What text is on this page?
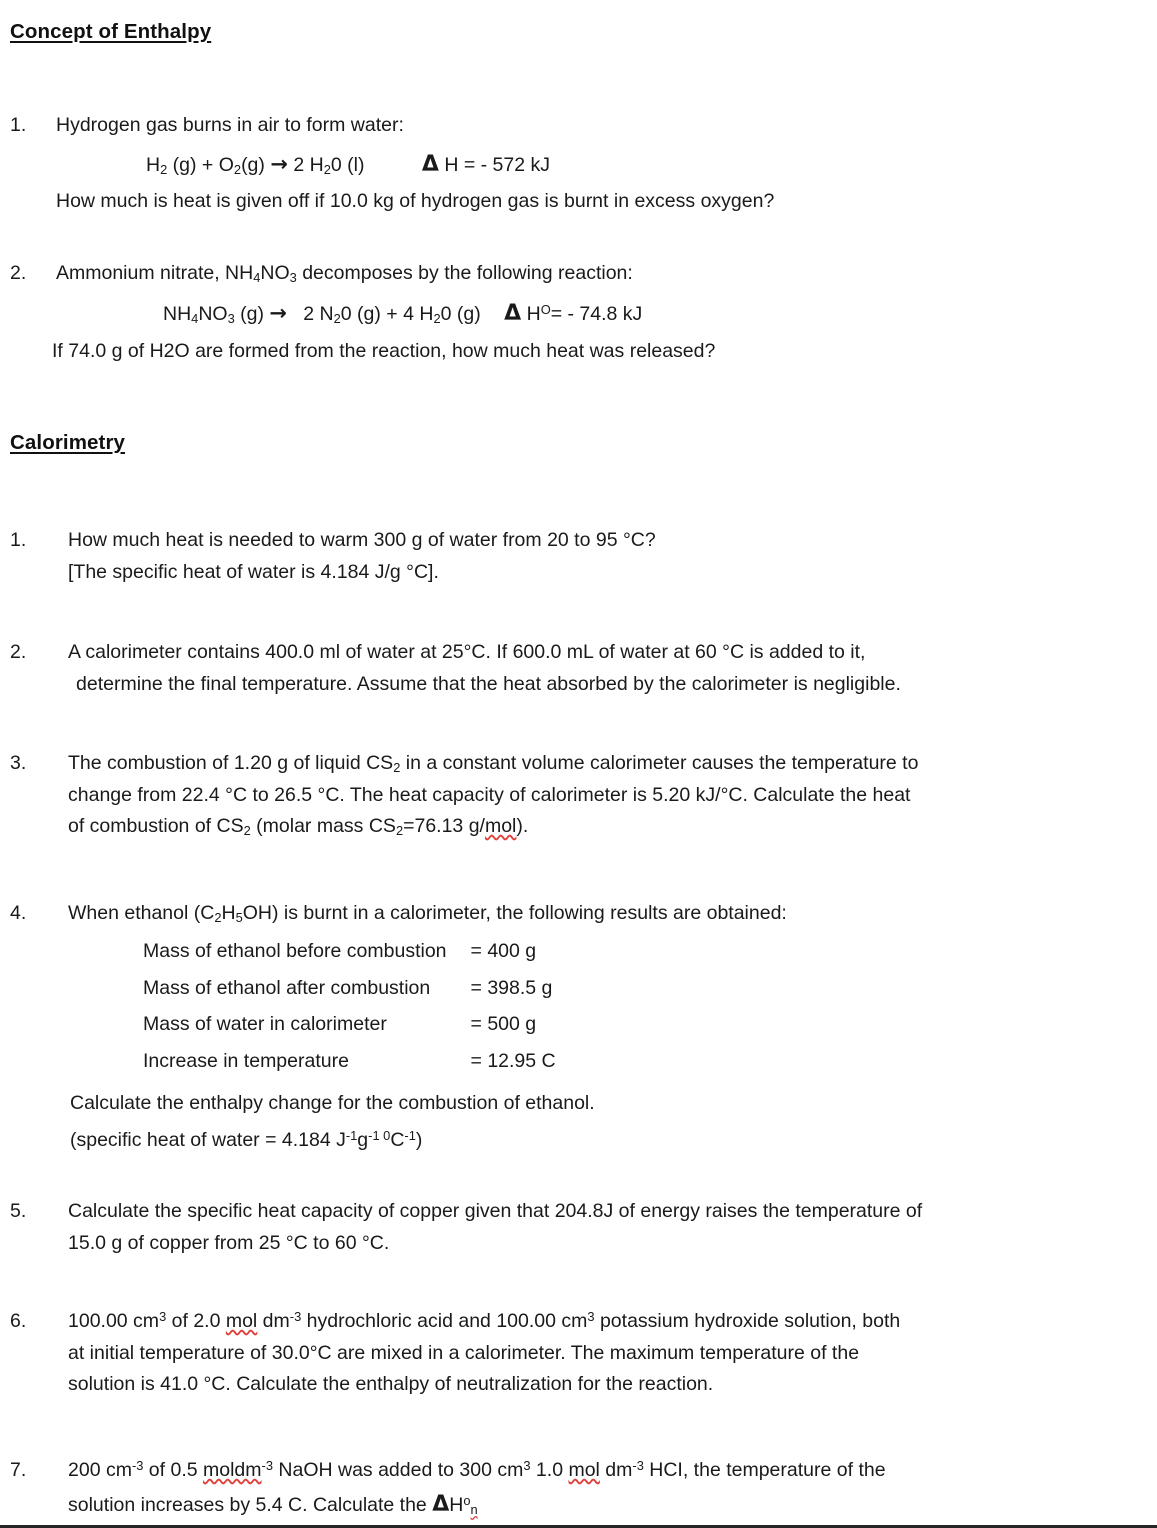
Concept of Enthalpy
1.	Hydrogen gas burns in air to form water:
$H_2$ $(g) + O_2(g) \to 2$ $H_20$ (l)	Δ H = - 572 kJ
How much is heat is given off if 10.0 kg of hydrogen gas is burnt in excess oxygen?
2.	Ammonium nitrate, $NH_4NO_3$ decomposes by the following reaction:
$NH_4NO_3$ (g) →   2 $N_20$ (g) + 4 $H_20$ (g) Δ $H^O= - 74.8$ kJ
If 74.0 g of H2O are formed from the reaction, how much heat was released?
Calorimetry
1.	How much heat is needed to warm 300 g of water from 20 to 95 °C?
[The specific heat of water is 4.184 J/g °C].
2.	A calorimeter contains 400.0 ml of water at 25°C. If 600.0 mL of water at 60 °C is added to it,
determine the final temperature. Assume that the heat absorbed by the calorimeter is negligible.
3.	The combustion of 1.20 g of liquid $CS_2$ in a constant volume calorimeter causes the temperature to
change from 22.4 °C to 26.5 °C. The heat capacity of calorimeter is 5.20 kJ/°C. Calculate the heat
of combustion of $CS_2$ (molar mass $CS_2=76.13$ g/mol).
4.	When ethanol $(C_2H_5OH)$ is burnt in a calorimeter, the following results are obtained:
Mass of ethanol before combustion	= 400 g
Mass of ethanol after combustion	= 398.5 g
Mass of water in calorimeter	= 500 g
Increase in temperature	= 12.95 C
Calculate the enthalpy change for the combustion of ethanol.
(specific heat of water = 4.184 $J^{-1}g^{-1 0}C^{-1}$)
5.	Calculate the specific heat capacity of copper given that 204.8J of energy raises the temperature of
15.0 g of copper from 25 °C to 60 °C.
6.	100.00 $cm^3$ of 2.0 mol $dm^{-3}$ hydrochloric acid and 100.00 $cm^3$ potassium hydroxide solution, both
at initial temperature of 30.0°C are mixed in a calorimeter. The maximum temperature of the
solution is 41.0 °C. Calculate the enthalpy of neutralization for the reaction.
7.	200 $cm^{-3}$ of 0.5 moldm$^{-3}$ NaOH was added to 300 $cm^3$ 1.0 mol $dm^{-3}$ HCI, the temperature of the
solution increases by 5.4 C. Calculate the $\Delta H^o_n$
